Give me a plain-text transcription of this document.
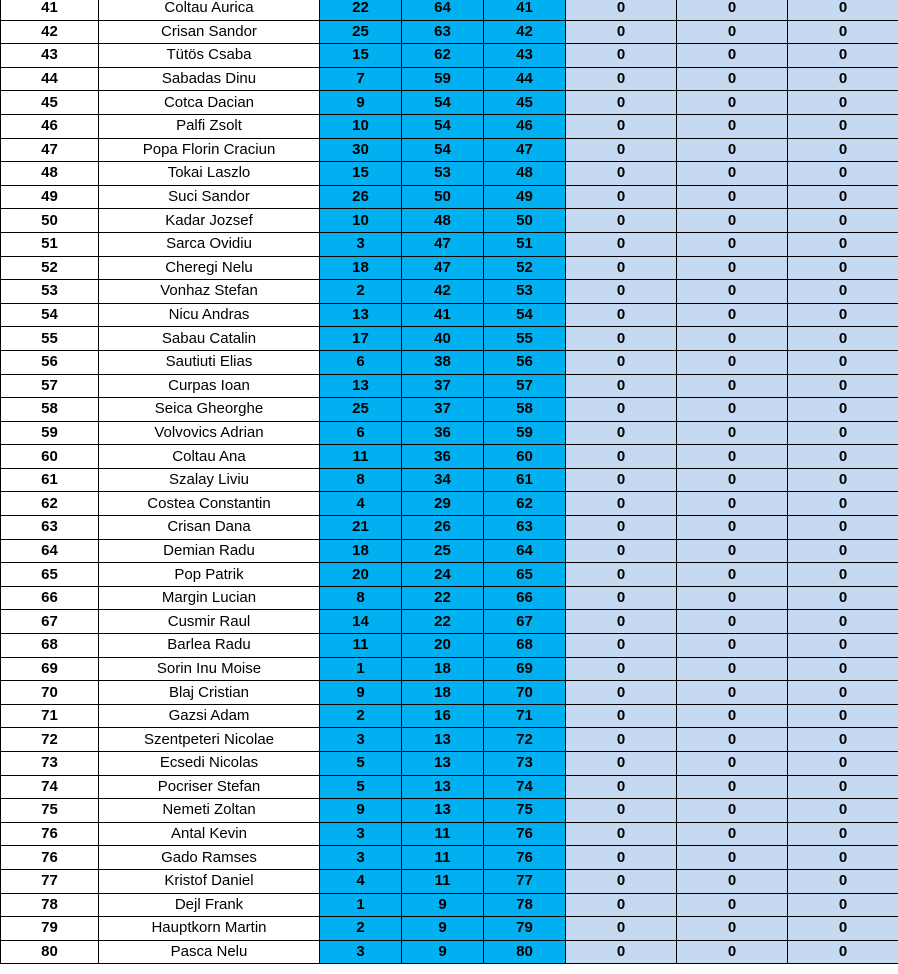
41	Coltau Aurica	22	64	41	0	0	0
42	Crisan Sandor	25	63	42	0	0	0
43	Tütös Csaba	15	62	43	0	0	0
44	Sabadas Dinu	7	59	44	0	0	0
45	Cotca Dacian	9	54	45	0	0	0
46	Palfi Zsolt	10	54	46	0	0	0
47	Popa Florin Craciun	30	54	47	0	0	0
48	Tokai Laszlo	15	53	48	0	0	0
49	Suci Sandor	26	50	49	0	0	0
50	Kadar Jozsef	10	48	50	0	0	0
51	Sarca Ovidiu	3	47	51	0	0	0
52	Cheregi Nelu	18	47	52	0	0	0
53	Vonhaz Stefan	2	42	53	0	0	0
54	Nicu Andras	13	41	54	0	0	0
55	Sabau Catalin	17	40	55	0	0	0
56	Sautiuti Elias	6	38	56	0	0	0
57	Curpas Ioan	13	37	57	0	0	0
58	Seica Gheorghe	25	37	58	0	0	0
59	Volvovics Adrian	6	36	59	0	0	0
60	Coltau Ana	11	36	60	0	0	0
61	Szalay Liviu	8	34	61	0	0	0
62	Costea Constantin	4	29	62	0	0	0
63	Crisan Dana	21	26	63	0	0	0
64	Demian Radu	18	25	64	0	0	0
65	Pop Patrik	20	24	65	0	0	0
66	Margin Lucian	8	22	66	0	0	0
67	Cusmir Raul	14	22	67	0	0	0
68	Barlea Radu	11	20	68	0	0	0
69	Sorin Inu Moise	1	18	69	0	0	0
70	Blaj Cristian	9	18	70	0	0	0
71	Gazsi Adam	2	16	71	0	0	0
72	Szentpeteri Nicolae	3	13	72	0	0	0
73	Ecsedi Nicolas	5	13	73	0	0	0
74	Pocriser Stefan	5	13	74	0	0	0
75	Nemeti Zoltan	9	13	75	0	0	0
76	Antal Kevin	3	11	76	0	0	0
76	Gado Ramses	3	11	76	0	0	0
77	Kristof Daniel	4	11	77	0	0	0
78	Dejl Frank	1	9	78	0	0	0
79	Hauptkorn Martin	2	9	79	0	0	0
80	Pasca Nelu	3	9	80	0	0	0
